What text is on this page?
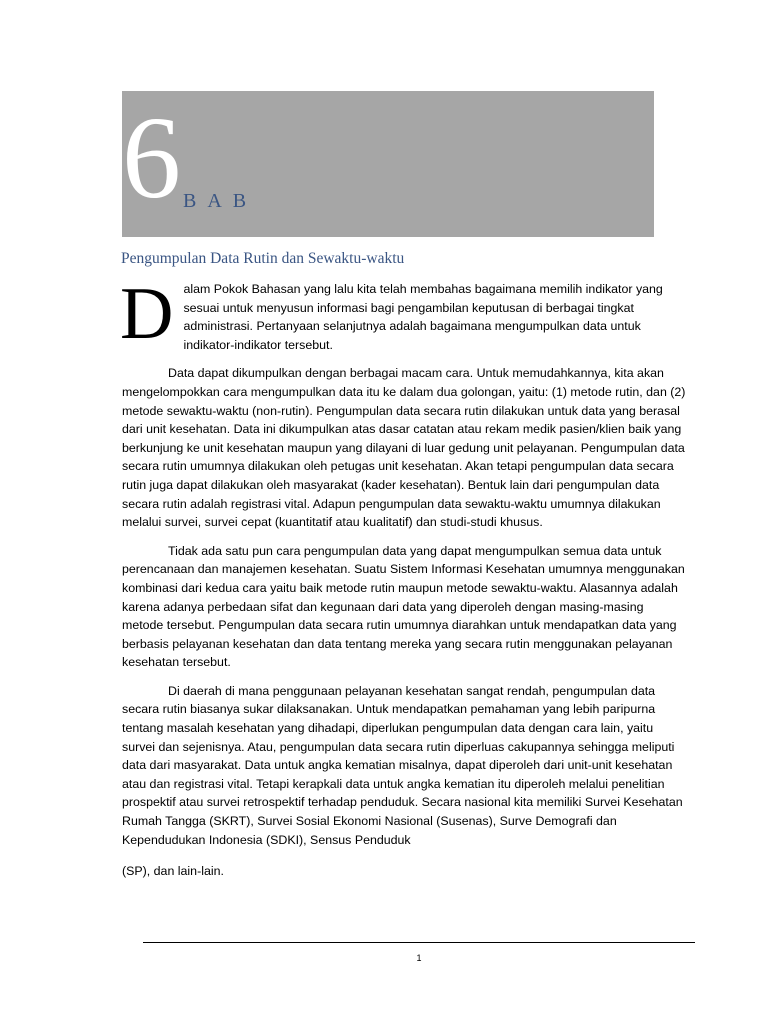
6 BAB
Pengumpulan Data Rutin dan Sewaktu-waktu

Dalam Pokok Bahasan yang lalu kita telah membahas bagaimana memilih indikator yang sesuai untuk menyusun informasi bagi pengambilan keputusan di berbagai tingkat administrasi. Pertanyaan selanjutnya adalah bagaimana mengumpulkan data untuk indikator-indikator tersebut.

Data dapat dikumpulkan dengan berbagai macam cara. Untuk memudahkannya, kita akan mengelompokkan cara mengumpulkan data itu ke dalam dua golongan, yaitu: (1) metode rutin, dan (2) metode sewaktu-waktu (non-rutin). Pengumpulan data secara rutin dilakukan untuk data yang berasal dari unit kesehatan. Data ini dikumpulkan atas dasar catatan atau rekam medik pasien/klien baik yang berkunjung ke unit kesehatan maupun yang dilayani di luar gedung unit pelayanan. Pengumpulan data secara rutin umumnya dilakukan oleh petugas unit kesehatan. Akan tetapi pengumpulan data secara rutin juga dapat dilakukan oleh masyarakat (kader kesehatan). Bentuk lain dari pengumpulan data secara rutin adalah registrasi vital. Adapun pengumpulan data sewaktu-waktu umumnya dilakukan melalui survei, survei cepat (kuantitatif atau kualitatif) dan studi-studi khusus.

Tidak ada satu pun cara pengumpulan data yang dapat mengumpulkan semua data untuk perencanaan dan manajemen kesehatan. Suatu Sistem Informasi Kesehatan umumnya menggunakan kombinasi dari kedua cara yaitu baik metode rutin maupun metode sewaktu-waktu. Alasannya adalah karena adanya perbedaan sifat dan kegunaan dari data yang diperoleh dengan masing-masing metode tersebut. Pengumpulan data secara rutin umumnya diarahkan untuk mendapatkan data yang berbasis pelayanan kesehatan dan data tentang mereka yang secara rutin menggunakan pelayanan kesehatan tersebut.

Di daerah di mana penggunaan pelayanan kesehatan sangat rendah, pengumpulan data secara rutin biasanya sukar dilaksanakan. Untuk mendapatkan pemahaman yang lebih paripurna tentang masalah kesehatan yang dihadapi, diperlukan pengumpulan data dengan cara lain, yaitu survei dan sejenisnya. Atau, pengumpulan data secara rutin diperluas cakupannya sehingga meliputi data dari masyarakat. Data untuk angka kematian misalnya, dapat diperoleh dari unit-unit kesehatan atau dan registrasi vital. Tetapi kerapkali data untuk angka kematian itu diperoleh melalui penelitian prospektif atau survei retrospektif terhadap penduduk. Secara nasional kita memiliki Survei Kesehatan Rumah Tangga (SKRT), Survei Sosial Ekonomi Nasional (Susenas), Surve Demografi dan Kependudukan Indonesia (SDKI), Sensus Penduduk

(SP), dan lain-lain.

1
